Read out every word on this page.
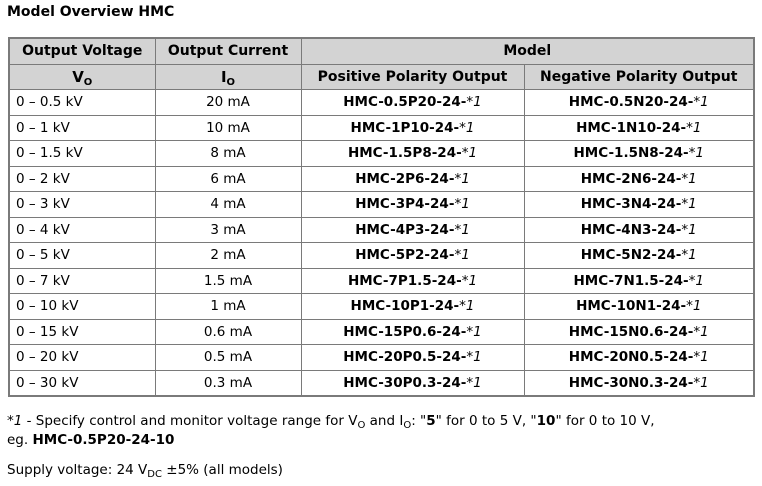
Model Overview HMC
Output Voltage	Output Current	Model	
$V_O$	$I_O$	Positive Polarity Output	Negative Polarity Output
0 – 0.5 kV	20 mA	HMC-0.5P20-24-*1	HMC-0.5N20-24-*1
0 – 1 kV	10 mA	HMC-1P10-24-*1	HMC-1N10-24-*1
0 – 1.5 kV	8 mA	HMC-1.5P8-24-*1	HMC-1.5N8-24-*1
0 – 2 kV	6 mA	HMC-2P6-24-*1	HMC-2N6-24-*1
0 – 3 kV	4 mA	HMC-3P4-24-*1	HMC-3N4-24-*1
0 – 4 kV	3 mA	HMC-4P3-24-*1	HMC-4N3-24-*1
0 – 5 kV	2 mA	HMC-5P2-24-*1	HMC-5N2-24-*1
0 – 7 kV	1.5 mA	HMC-7P1.5-24-*1	HMC-7N1.5-24-*1
0 – 10 kV	1 mA	HMC-10P1-24-*1	HMC-10N1-24-*1
0 – 15 kV	0.6 mA	HMC-15P0.6-24-*1	HMC-15N0.6-24-*1
0 – 20 kV	0.5 mA	HMC-20P0.5-24-*1	HMC-20N0.5-24-*1
0 – 30 kV	0.3 mA	HMC-30P0.3-24-*1	HMC-30N0.3-24-*1
*1 - Specify control and monitor voltage range for $V_O$ and $I_O$: "5" for 0 to 5 V, "10" for 0 to 10 V,
eg. HMC-0.5P20-24-10
Supply voltage: 24 $V_{DC} \pm 5\%$ (all models)
